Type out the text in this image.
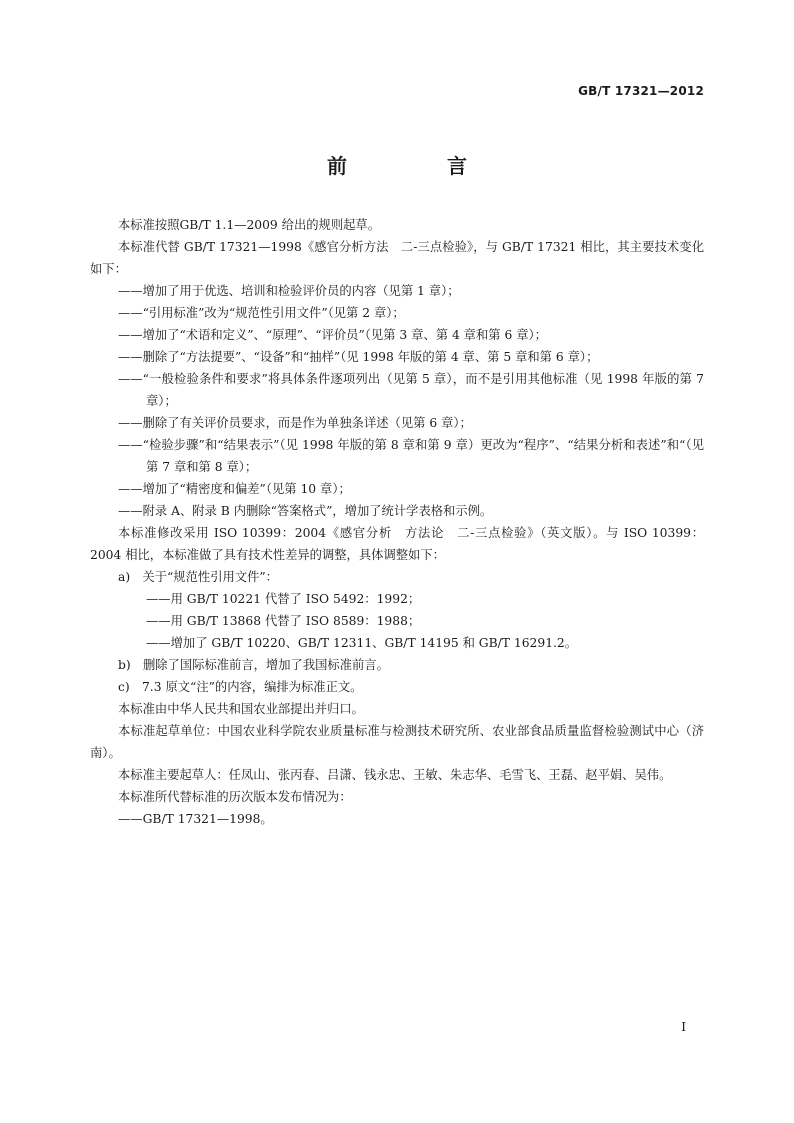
GB/T 17321—2012
前　言

本标准按照GB/T 1.1—2009 给出的规则起草。

本标准代替 GB/T 17321—1998《感官分析方法　二-三点检验》，与 GB/T 17321 相比，其主要技术变化如下：

——增加了用于优选、培训和检验评价员的内容（见第 1 章）；

——“引用标准”改为“规范性引用文件”（见第 2 章）；

——增加了“术语和定义”、“原理”、“评价员”（见第 3 章、第 4 章和第 6 章）；

——删除了“方法提要”、“设备”和“抽样”（见 1998 年版的第 4 章、第 5 章和第 6 章）；

——“一般检验条件和要求”将具体条件逐项列出（见第 5 章），而不是引用其他标准（见 1998 年版的第 7 章）；

——删除了有关评价员要求，而是作为单独条详述（见第 6 章）；

——“检验步骤”和“结果表示”（见 1998 年版的第 8 章和第 9 章）更改为“程序”、“结果分析和表述”和“（见第 7 章和第 8 章）；

——增加了“精密度和偏差”（见第 10 章）；

——附录 A、附录 B 内删除“答案格式”，增加了统计学表格和示例。

本标准修改采用 ISO 10399：2004《感官分析　方法论　二-三点检验》（英文版）。与 ISO 10399：2004 相比，本标准做了具有技术性差异的调整，具体调整如下：

a)　关于“规范性引用文件”：

——用 GB/T 10221 代替了 ISO 5492：1992；

——用 GB/T 13868 代替了 ISO 8589：1988；

——增加了 GB/T 10220、GB/T 12311、GB/T 14195 和 GB/T 16291.2。

b)　删除了国际标准前言，增加了我国标准前言。

c)　7.3 原文“注”的内容，编排为标准正文。

本标准由中华人民共和国农业部提出并归口。

本标准起草单位：中国农业科学院农业质量标准与检测技术研究所、农业部食品质量监督检验测试中心（济南）。

本标准主要起草人：任凤山、张丙春、吕潇、钱永忠、王敏、朱志华、毛雪飞、王磊、赵平娟、吴伟。

本标准所代替标准的历次版本发布情况为：

——GB/T 17321—1998。

I
